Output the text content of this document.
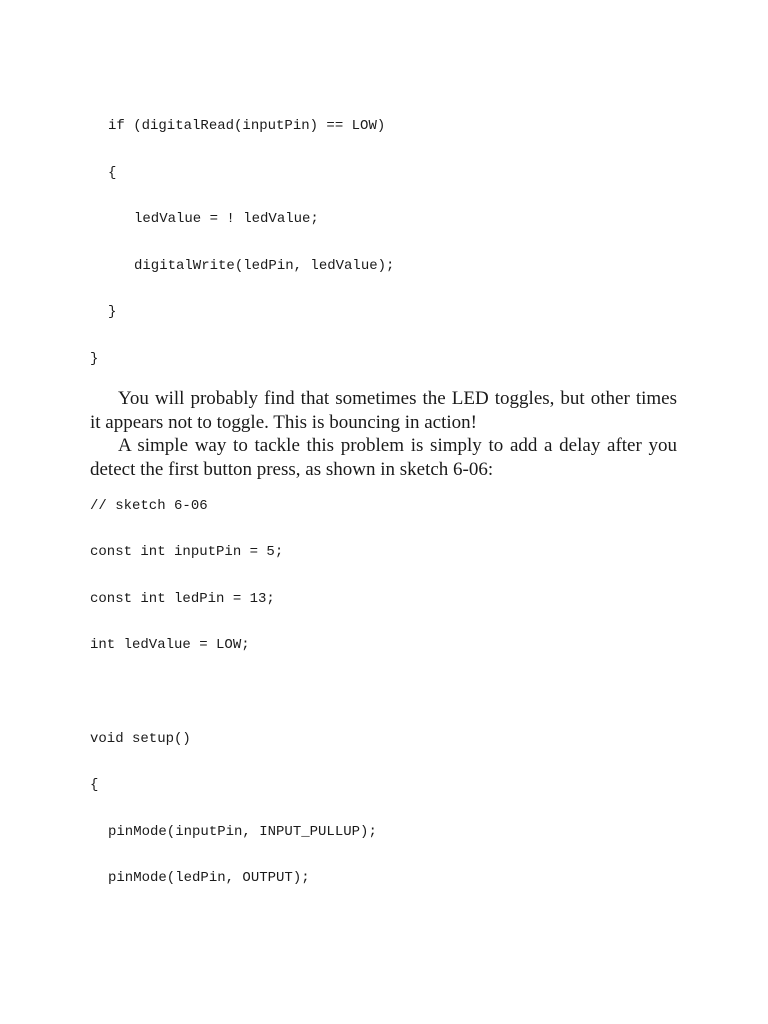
if (digitalRead(inputPin) == LOW)

{

ledValue = ! ledValue;

digitalWrite(ledPin, ledValue);

}

}

You will probably find that sometimes the LED toggles, but other times it appears not to toggle. This is bouncing in action!

A simple way to tackle this problem is simply to add a delay after you detect the first button press, as shown in sketch 6-06:

// sketch 6-06

const int inputPin = 5;

const int ledPin = 13;

int ledValue = LOW;

void setup()

{

pinMode(inputPin, INPUT_PULLUP);

pinMode(ledPin, OUTPUT);
